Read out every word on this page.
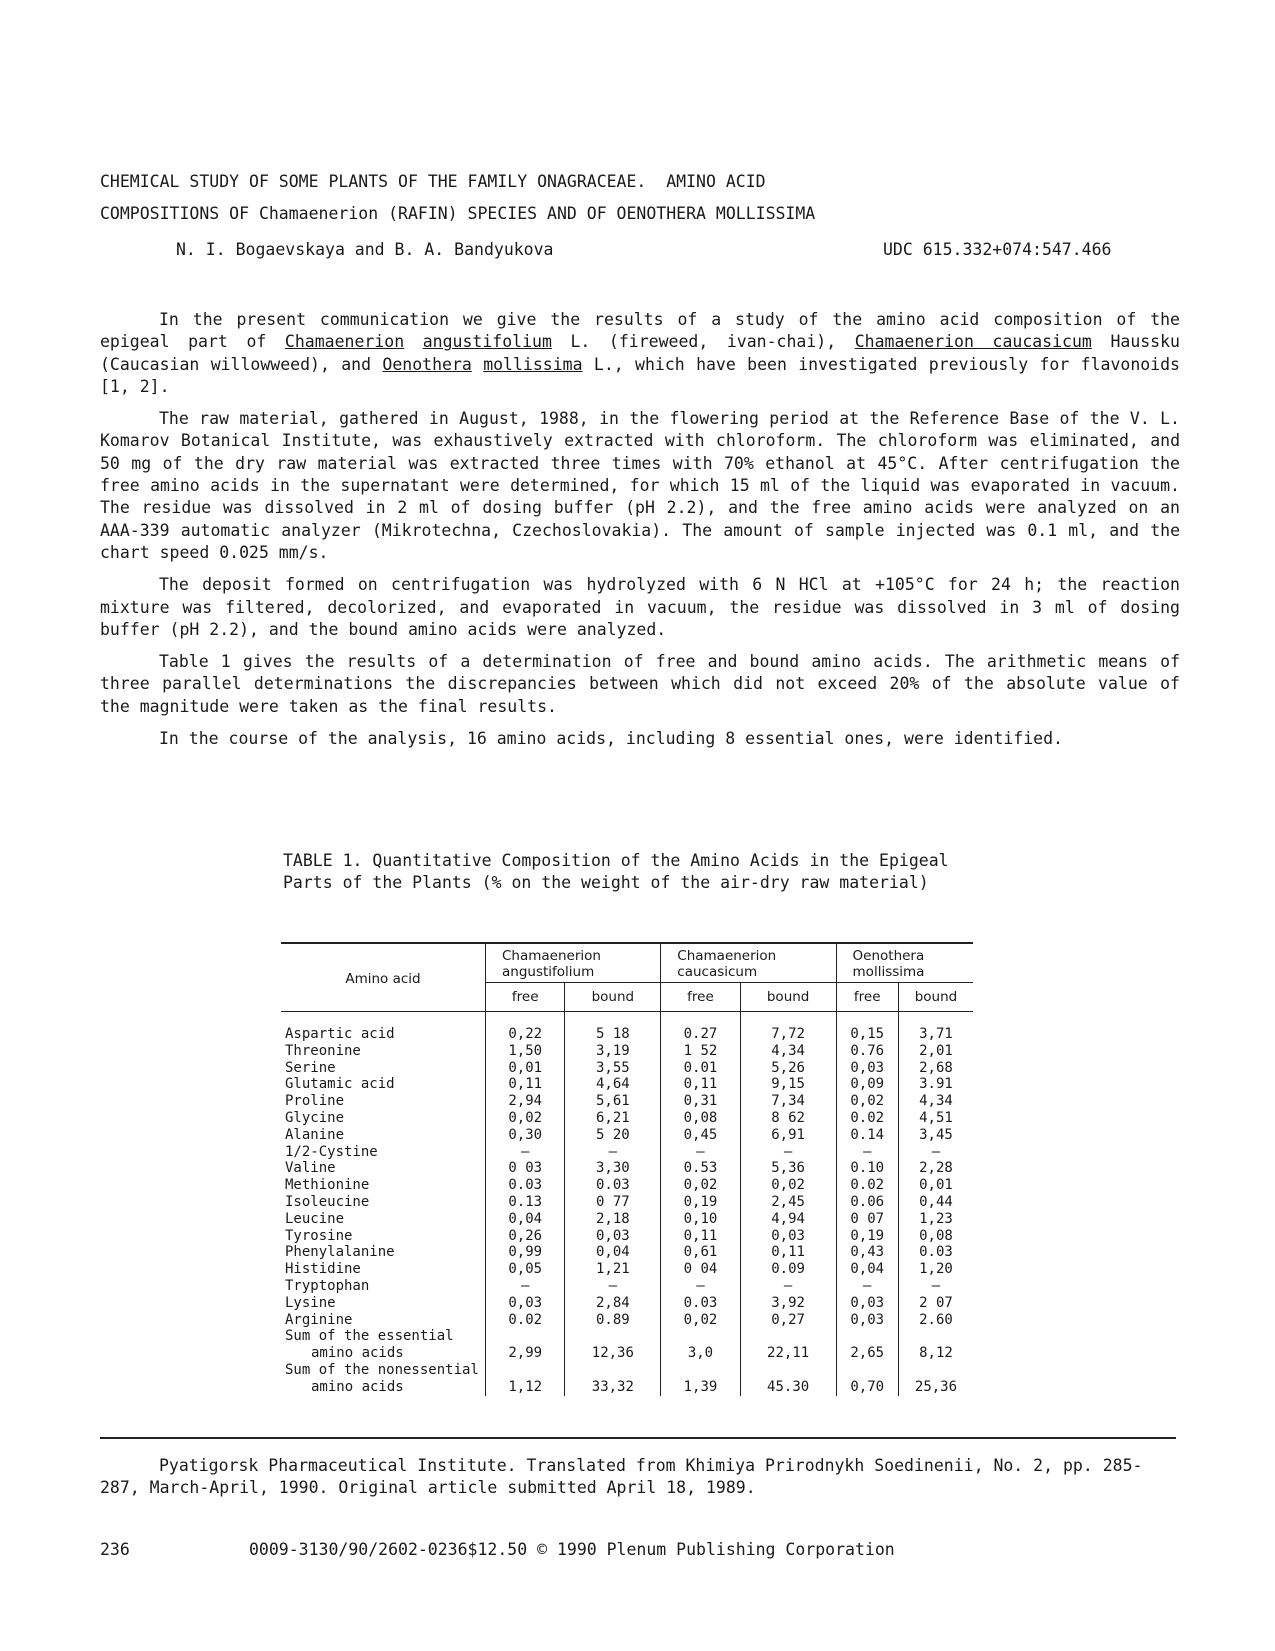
CHEMICAL STUDY OF SOME PLANTS OF THE FAMILY ONAGRACEAE.  AMINO ACID
COMPOSITIONS OF Chamaenerion (RAFIN) SPECIES AND OF OENOTHERA MOLLISSIMA
N. I. Bogaevskaya and B. A. Bandyukova	UDC 615.332+074:547.466

In the present communication we give the results of a study of the amino acid composition of the epigeal part of Chamaenerion angustifolium L. (fireweed, ivan-chai), Chamaenerion caucasicum Haussku (Caucasian willowweed), and Oenothera mollissima L., which have been investigated previously for flavonoids [1, 2].

The raw material, gathered in August, 1988, in the flowering period at the Reference Base of the V. L. Komarov Botanical Institute, was exhaustively extracted with chloroform. The chloroform was eliminated, and 50 mg of the dry raw material was extracted three times with 70% ethanol at 45°C. After centrifugation the free amino acids in the supernatant were determined, for which 15 ml of the liquid was evaporated in vacuum. The residue was dissolved in 2 ml of dosing buffer (pH 2.2), and the free amino acids were analyzed on an AAA-339 automatic analyzer (Mikrotechna, Czechoslovakia). The amount of sample injected was 0.1 ml, and the chart speed 0.025 mm/s.

The deposit formed on centrifugation was hydrolyzed with 6 N HCl at +105°C for 24 h; the reaction mixture was filtered, decolorized, and evaporated in vacuum, the residue was dissolved in 3 ml of dosing buffer (pH 2.2), and the bound amino acids were analyzed.

Table 1 gives the results of a determination of free and bound amino acids. The arithmetic means of three parallel determinations the discrepancies between which did not exceed 20% of the absolute value of the magnitude were taken as the final results.

In the course of the analysis, 16 amino acids, including 8 essential ones, were identified.

TABLE 1. Quantitative Composition of the Amino Acids in the Epigeal Parts of the Plants (% on the weight of the air-dry raw material)
Amino acid	Chamaenerion
angustifolium		Chamaenerion
caucasicum		Oenothera
mollissima	
	free	bound	free	bound	free	bound

Aspartic acid	0,22	5 18	0.27	7,72	0,15	3,71
Threonine	1,50	3,19	1 52	4,34	0.76	2,01
Serine	0,01	3,55	0.01	5,26	0,03	2,68
Glutamic acid	0,11	4,64	0,11	9,15	0,09	3.91
Proline	2,94	5,61	0,31	7,34	0,02	4,34
Glycine	0,02	6,21	0,08	8 62	0.02	4,51
Alanine	0,30	5 20	0,45	6,91	0.14	3,45
1/2-Cystine	—	—	—	—	—	—
Valine	0 03	3,30	0.53	5,36	0.10	2,28
Methionine	0.03	0.03	0,02	0,02	0.02	0,01
Isoleucine	0.13	0 77	0,19	2,45	0.06	0,44
Leucine	0,04	2,18	0,10	4,94	0 07	1,23
Tyrosine	0,26	0,03	0,11	0,03	0,19	0,08
Phenylalanine	0,99	0,04	0,61	0,11	0,43	0.03
Histidine	0,05	1,21	0 04	0.09	0,04	1,20
Tryptophan	—	—	—	—	—	—
Lysine	0,03	2,84	0.03	3,92	0,03	2 07
Arginine	0.02	0.89	0,02	0,27	0,03	2.60
Sum of the essential						
amino acids	2,99	12,36	3,0	22,11	2,65	8,12
Sum of the nonessential						
amino acids	1,12	33,32	1,39	45.30	0,70	25,36

Pyatigorsk Pharmaceutical Institute. Translated from Khimiya Prirodnykh Soedinenii, No. 2, pp. 285-287, March-April, 1990. Original article submitted April 18, 1989.

236	0009-3130/90/2602-0236$12.50 © 1990 Plenum Publishing Corporation
